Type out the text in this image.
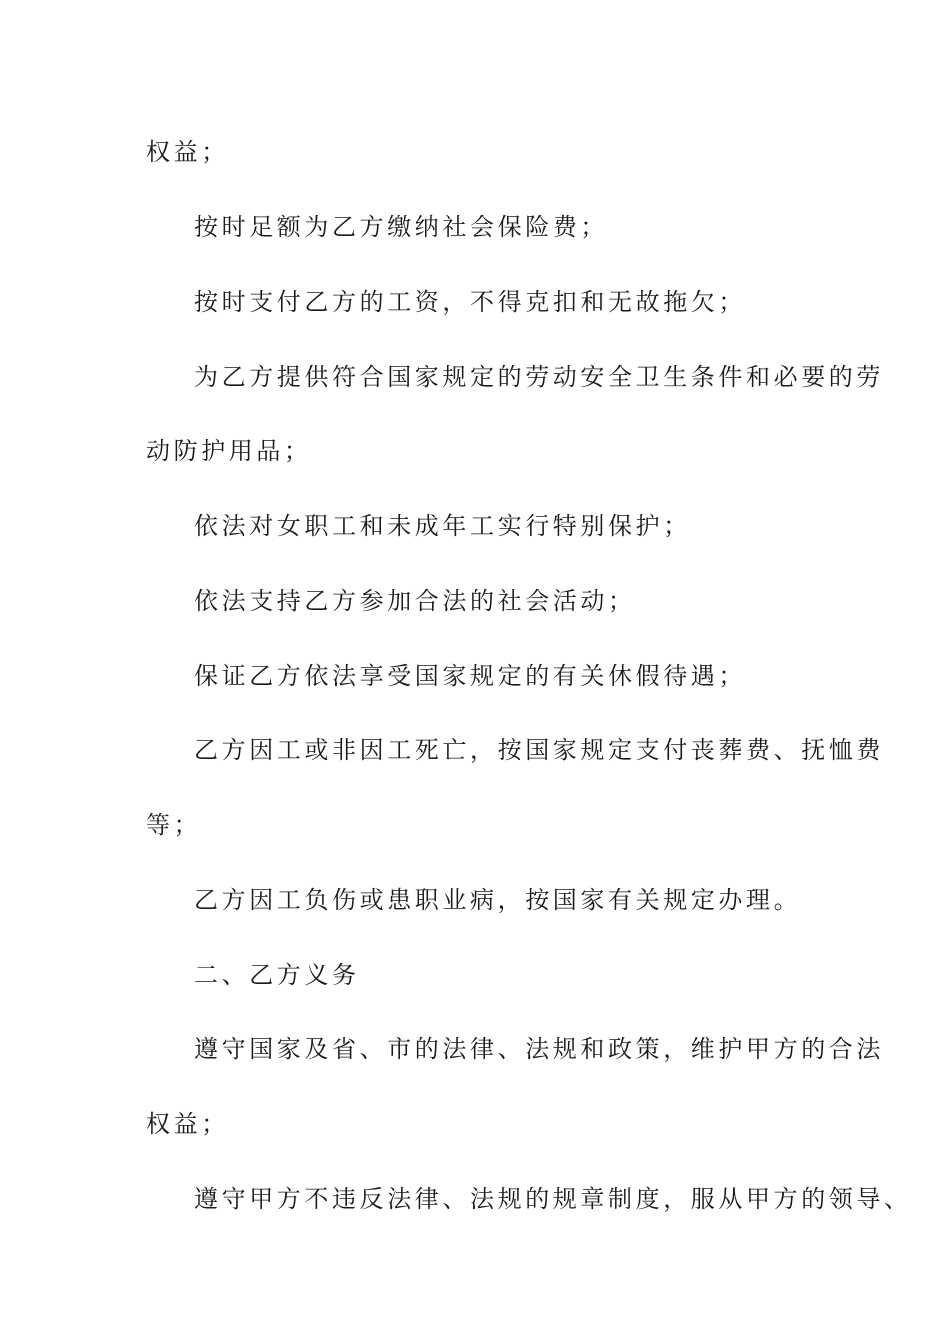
权益；
按时足额为乙方缴纳社会保险费；
按时支付乙方的工资，不得克扣和无故拖欠；
为乙方提供符合国家规定的劳动安全卫生条件和必要的劳
动防护用品；
依法对女职工和未成年工实行特别保护；
依法支持乙方参加合法的社会活动；
保证乙方依法享受国家规定的有关休假待遇；
乙方因工或非因工死亡，按国家规定支付丧葬费、抚恤费
等；
乙方因工负伤或患职业病，按国家有关规定办理。
二、乙方义务
遵守国家及省、市的法律、法规和政策，维护甲方的合法
权益；
遵守甲方不违反法律、法规的规章制度，服从甲方的领导、
